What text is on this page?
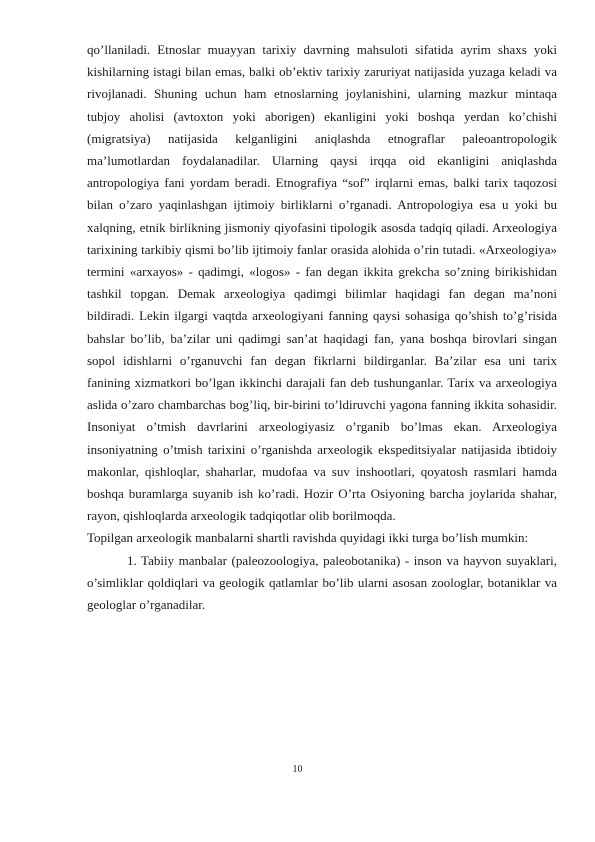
qo’llaniladi. Etnoslar muayyan tarixiy davrning mahsuloti sifatida ayrim shaxs yoki kishilarning istagi bilan emas, balki ob’ektiv tarixiy zaruriyat natijasida yuzaga keladi va rivojlanadi. Shuning uchun ham etnoslarning joylanishini, ularning mazkur mintaqa tubjoy aholisi (avtoxton yoki aborigen) ekanligini yoki boshqa yerdan ko’chishi (migratsiya) natijasida kelganligini aniqlashda etnograflar paleoantropologik ma’lumotlardan foydalanadilar. Ularning qaysi irqqa oid ekanligini aniqlashda antropologiya fani yordam beradi. Etnografiya “sof” irqlarni emas, balki tarix taqozosi bilan o’zaro yaqinlashgan ijtimoiy birliklarni o’rganadi. Antropologiya esa u yoki bu xalqning, etnik birlikning jismoniy qiyofasini tipologik asosda tadqiq qiladi. Arxeologiya tarixining tarkibiy qismi bo’lib ijtimoiy fanlar orasida alohida o’rin tutadi. «Arxeologiya» termini «arxayos» - qadimgi, «logos» - fan degan ikkita grekcha so’zning birikishidan tashkil topgan. Demak arxeologiya qadimgi bilimlar haqidagi fan degan ma’noni bildiradi. Lekin ilgargi vaqtda arxeologiyani fanning qaysi sohasiga qo’shish to’g’risida bahslar bo’lib, ba’zilar uni qadimgi san’at haqidagi fan, yana boshqa birovlari singan sopol idishlarni o’rganuvchi fan degan fikrlarni bildirganlar. Ba’zilar esa uni tarix fanining xizmatkori bo’lgan ikkinchi darajali fan deb tushunganlar. Tarix va arxeologiya aslida o’zaro chambarchas bog’liq, bir-birini to’ldiruvchi yagona fanning ikkita sohasidir. Insoniyat o’tmish davrlarini arxeologiyasiz o’rganib bo’lmas ekan. Arxeologiya insoniyatning o’tmish tarixini o’rganishda arxeologik ekspeditsiyalar natijasida ibtidoiy makonlar, qishloqlar, shaharlar, mudofaa va suv inshootlari, qoyatosh rasmlari hamda boshqa buramlarga suyanib ish ko’radi. Hozir O’rta Osiyoning barcha joylarida shahar, rayon, qishloqlarda arxeologik tadqiqotlar olib borilmoqda.

Topilgan arxeologik manbalarni shartli ravishda quyidagi ikki turga bo’lish mumkin:

1. Tabiiy manbalar (paleozoologiya, paleobotanika) - inson va hayvon suyaklari, o’simliklar qoldiqlari va geologik qatlamlar bo’lib ularni asosan zoologlar, botaniklar va geologlar o’rganadilar.

10
